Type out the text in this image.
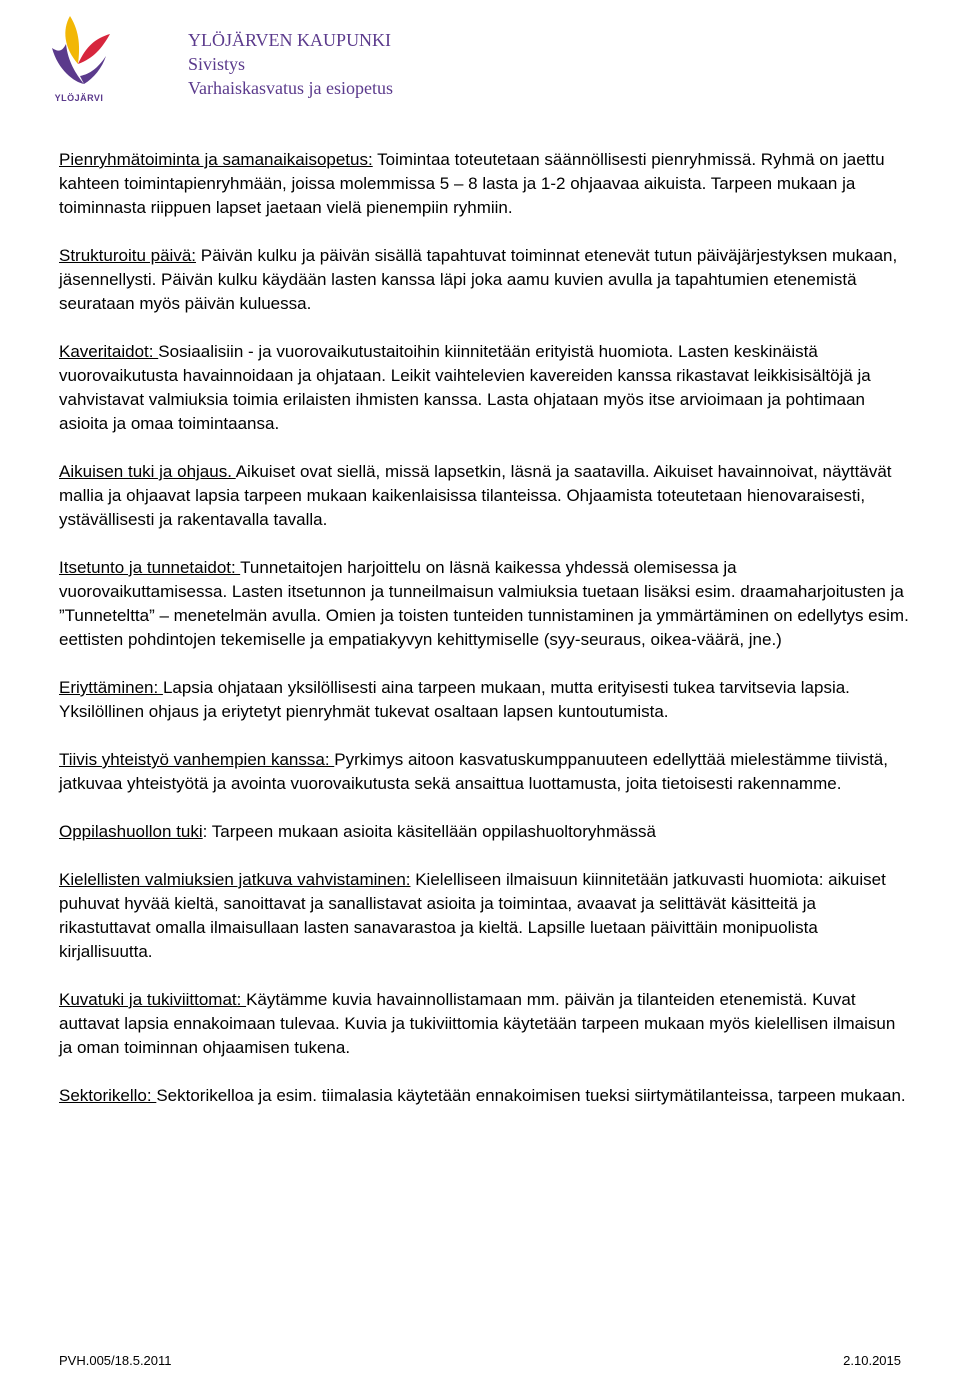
YLÖJÄRVI
YLÖJÄRVEN KAUPUNKI
Sivistys
Varhaiskasvatus ja esiopetus

Pienryhmätoiminta ja samanaikaisopetus: Toimintaa toteutetaan säännöllisesti pienryhmissä. Ryhmä on jaettu kahteen toimintapienryhmään, joissa molemmissa 5 – 8 lasta ja 1-2 ohjaavaa aikuista. Tarpeen mukaan ja toiminnasta riippuen lapset jaetaan vielä pienempiin ryhmiin.

Strukturoitu päivä: Päivän kulku ja päivän sisällä tapahtuvat toiminnat etenevät tutun päiväjärjestyksen mukaan, jäsennellysti. Päivän kulku käydään lasten kanssa läpi joka aamu kuvien avulla ja tapahtumien etenemistä seurataan myös päivän kuluessa.

Kaveritaidot: Sosiaalisiin - ja vuorovaikutustaitoihin kiinnitetään erityistä huomiota. Lasten keskinäistä vuorovaikutusta havainnoidaan ja ohjataan. Leikit vaihtelevien kavereiden kanssa rikastavat leikkisisältöjä ja vahvistavat valmiuksia toimia erilaisten ihmisten kanssa. Lasta ohjataan myös itse arvioimaan ja pohtimaan asioita ja omaa toimintaansa.

Aikuisen tuki ja ohjaus. Aikuiset ovat siellä, missä lapsetkin, läsnä ja saatavilla. Aikuiset havainnoivat, näyttävät mallia ja ohjaavat lapsia tarpeen mukaan kaikenlaisissa tilanteissa. Ohjaamista toteutetaan hienovaraisesti, ystävällisesti ja rakentavalla tavalla.

Itsetunto ja tunnetaidot: Tunnetaitojen harjoittelu on läsnä kaikessa yhdessä olemisessa ja vuorovaikuttamisessa. Lasten itsetunnon ja tunneilmaisun valmiuksia tuetaan lisäksi esim. draamaharjoitusten ja ”Tunneteltta” – menetelmän avulla. Omien ja toisten tunteiden tunnistaminen ja ymmärtäminen on edellytys esim. eettisten pohdintojen tekemiselle ja empatiakyvyn kehittymiselle (syy-seuraus, oikea-väärä, jne.)

Eriyttäminen: Lapsia ohjataan yksilöllisesti aina tarpeen mukaan, mutta erityisesti tukea tarvitsevia lapsia. Yksilöllinen ohjaus ja eriytetyt pienryhmät tukevat osaltaan lapsen kuntoutumista.

Tiivis yhteistyö vanhempien kanssa: Pyrkimys aitoon kasvatuskumppanuuteen edellyttää mielestämme tiivistä, jatkuvaa yhteistyötä ja avointa vuorovaikutusta sekä ansaittua luottamusta, joita tietoisesti rakennamme.

Oppilashuollon tuki: Tarpeen mukaan asioita käsitellään oppilashuoltoryhmässä

Kielellisten valmiuksien jatkuva vahvistaminen: Kielelliseen ilmaisuun kiinnitetään jatkuvasti huomiota: aikuiset puhuvat hyvää kieltä, sanoittavat ja sanallistavat asioita ja toimintaa, avaavat ja selittävät käsitteitä ja rikastuttavat omalla ilmaisullaan lasten sanavarastoa ja kieltä. Lapsille luetaan päivittäin monipuolista kirjallisuutta.

Kuvatuki ja tukiviittomat: Käytämme kuvia havainnollistamaan mm. päivän ja tilanteiden etenemistä. Kuvat auttavat lapsia ennakoimaan tulevaa. Kuvia ja tukiviittomia käytetään tarpeen mukaan myös kielellisen ilmaisun ja oman toiminnan ohjaamisen tukena.

Sektorikello: Sektorikelloa ja esim. tiimalasia käytetään ennakoimisen tueksi siirtymätilanteissa, tarpeen mukaan.

PVH.005/18.5.2011	2.10.2015
